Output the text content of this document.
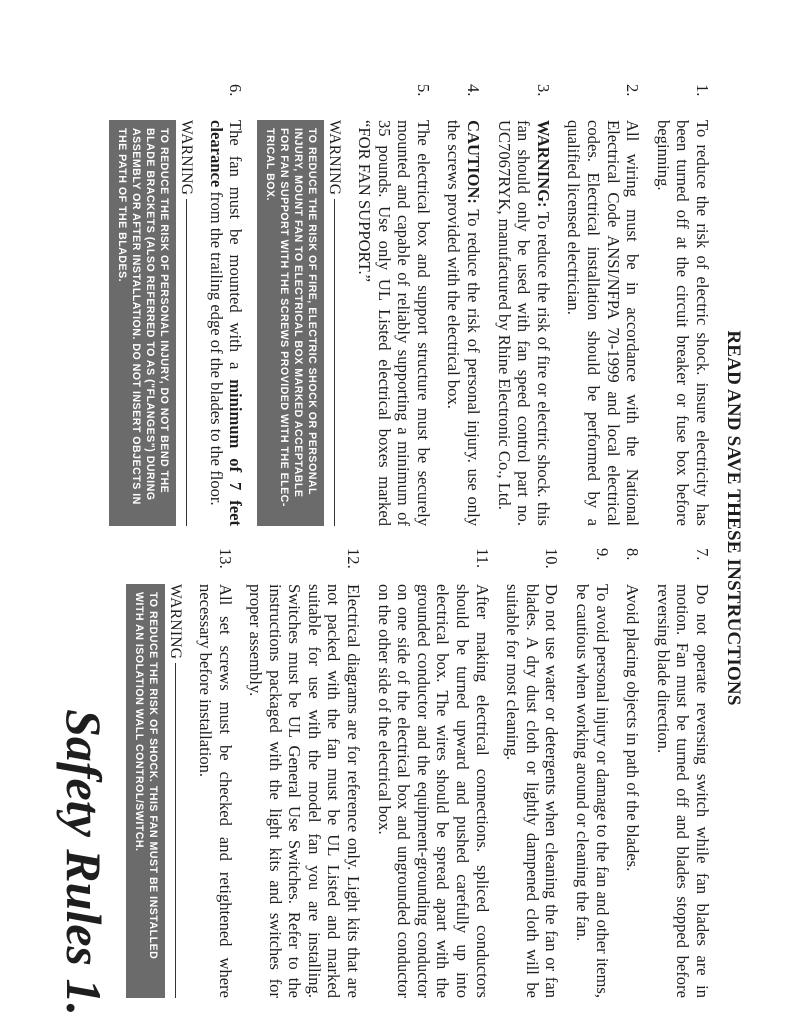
READ AND SAVE THESE INSTRUCTIONS
1.
To reduce the risk of electric shock. insure electricity has been turned off at the circuit breaker or fuse box before beginning.
2.
All wiring must be in accordance with the National Electrical Code ANSI/NFPA 70-1999 and local electrical codes. Electrical installation should be performed by a qualified licensed electrician.
3.
WARNING: To reduce the risk of fire or electric shock. this fan should only be used with fan speed control part no. UC7067RYK, manufactured by Rhine Electronic Co., Ltd.
4.
CAUTION: To reduce the risk of personal injury. use only the screws provided with the electrical box.
5.
The electrical box and support structure must be securely mounted and capable of reliably supporting a minimum of 35 pounds. Use only UL Listed electrical boxes marked “FOR FAN SUPPORT.”
WARNING
TO REDUCE THE RISK OF FIRE, ELECTRIC SHOCK OR PERSONAL INJURY, MOUNT FAN TO ELECTRICAL BOX MARKED ACCEPTABLE FOR FAN SUPPORT WITH THE SCREWS PROVIDED WITH THE ELEC-TRICAL BOX.
6.
The fan must be mounted with a minimum of 7 feet clearance from the trailing edge of the blades to the floor.
WARNING
TO REDUCE THE RISK OF PERSONAL INJURY, DO NOT BEND THE BLADE BRACKETS (ALSO REFERRED TO AS ("FLANGES") DURING ASSEMBLY OR AFTER INSTALLATION. DO NOT INSERT OBJECTS IN THE PATH OF THE BLADES.
7.
Do not operate reversing switch while fan blades are in motion. Fan must be turned off and blades stopped before reversing blade direction.
8.
Avoid placing objects in path of the blades.
9.
To avoid personal injury or damage to the fan and other items, be cautious when working around or cleaning the fan.
10.
Do not use water or detergents when cleaning the fan or fan blades. A dry dust cloth or lightly dampened cloth will be suitable for most cleaning.
11.
After making electrical connections. spliced conductors should be turned upward and pushed carefully up into electrical box. The wires should be spread apart with the grounded conductor and the equipment-grounding conductor on one side of the electrical box and ungrounded conductor on the other side of the electrical box.
12.
Electrical diagrams are for reference only. Light kits that are not packed with the fan must be UL Listed and marked suitable for use with the model fan you are installing. Switches must be UL General Use Switches. Refer to the instructions packaged with the light kits and switches for proper assembly.
13.
All set screws must be checked and retightened where necessary before installation.
WARNING
TO REDUCE THE RISK OF SHOCK. THIS FAN MUST BE INSTALLED WITH AN ISOLATION WALL CONTROL/SWITCH.
Safety Rules 1.
